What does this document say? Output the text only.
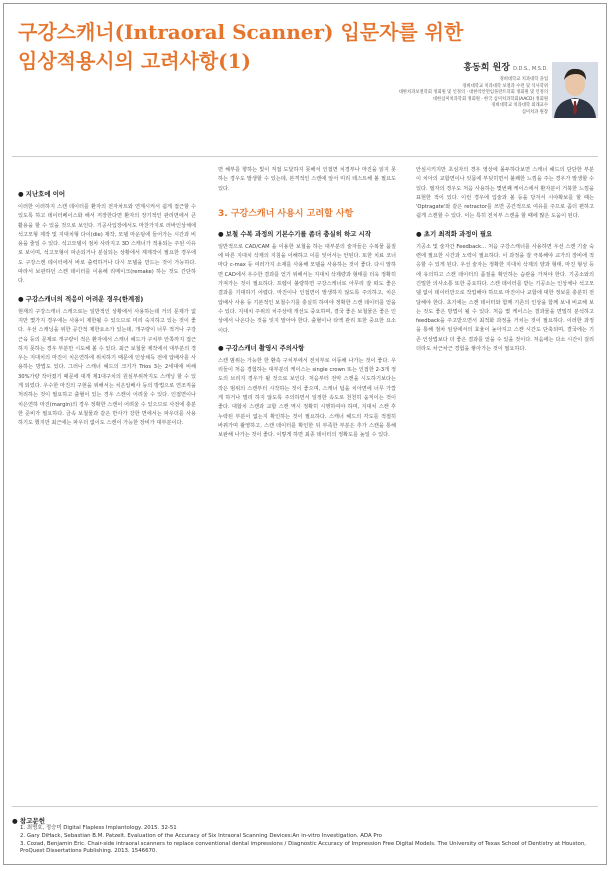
구강스캐너(Intraoral Scanner) 입문자를 위한
임상적용시의 고려사항(1)	홍동희 원장 D.D.S., M.S.D.
경희대학교 치과대학 졸업
경희대학교 치과대학 보철과 수련 및 석사학위
대한치과보철학회 정회원 및 인정의 · 대한악안면임플란트학회 정회원 및 인정의
대한심미치과학회 정회원 · 한국 심미치과학회(AACD) 정회원
경희대학교 치과대학 외래교수
심미치과 원장
● 지난호에 이어

이러한 이러하지 스캔 데이터를 환자의 전자차트와 연계시켜서 쉽게 접근할 수 있도록 하고 데이터베이스화 해서 저장한다면 환자의 장기적인 관리면에서 큰 활용을 할 수 있을 것으로 보인다. 기공사입장에서도 마찬가지로 러바인상체에 석고모형 제작 및 지대치형 다이(die) 제작, 모델 마운팅에 들어가는 시간과 비용을 줄일 수 있다. 석고모델이 점차 사라지고 3D 스캐너가 적용되는 주된 이유로 보이며, 석고모형이 파손되거나 분실되는 상황에서 재제작이 필요한 경우에도 구강스캔 데이터에서 바로 출력하거나 다시 모델을 만드는 것이 가능하다. 따라서 보관하던 스캔 데이터를 이용해 리메이크(remake) 하는 것도 간단하다.

● 구강스캐너의 적응이 어려운 경우(한계점)

현재의 구강스캐너 스캐으로는 일반적인 상황에서 사용하는데 거의 문제가 없지만 몇가지 경우에는 사용이 제한될 수 있으므로 미리 숙지하고 있는 것이 좋다. 우선 스캐닝을 위한 공간적 제한요소가 있는데, 개구량이 너무 적거나 구강근육 등의 문제로 개구량이 적은 환자에서 스캐너 헤드가 구치부 안쪽까지 접근하지 못하는 경우 부분만 시도해 볼 수 있다. 최근 보철물 제작에서 대부분의 경우는 지대치의 마진이 치은연하에 위치하기 때문에 인상채득 전에 압배사를 사용하는 방법도 있다. 그러나 스캐너 헤드의 크기가 Trios 3는 2세대에 비해 30%가량 작아졌기 때문에 대개 제1대구치의 원심부위까지도 스캐닝 할 수 있게 되었다. 우수한 마진의 구현을 위해서는 치은압배사 등의 방법으로 연조직을 처리하는 것이 필요하고 출혈이 있는 경우 스캔이 어려울 수 있다. 인접면이나 치은연하 마진(margin)의 경우 정확한 스캔이 어려울 수 있으므로 사전에 충분한 준비가 필요하다. 금속 보철물과 같은 반사가 강한 면에서는 파우더를 사용하기도 했지만 최근에는 파우더 없이도 스캔이 가능한 장비가 대부분이다.

면 해부를 향하는 빛이 직접 도달하지 못해서 인접면 치경부나 마진을 읽지 못하는 경우도 발생할 수 있는데, 본격적인 스캔에 앞서 미리 테스트해 볼 필요도 있다.

3. 구강스캐너 사용시 고려할 사항
● 보철 수복 과정의 기본수기를 좀더 충실히 하고 시작

일반적으로 CAD/CAM 을 이용한 보철을 하는 대부분의 술자들은 수복물 품질에 따른 지대치 삭제의 지침을 이해하고 이를 잊어서는 안된다. 또한 치료 코너마다 c-max 등 여러가지 소재를 사용해 모델을 사용하는 것이 좋다. 다시 말하면 CAD에서 우수한 결과를 얻기 위해서는 지대치 삭제량과 형태를 더욱 정확히 가져가는 것이 필요하다. 프렙이 불량하면 구강스캐너로 아무리 잘 떠도 좋은 결과를 기대하기 어렵다. 마진이나 인접면이 발생하지 않도록 주의하고, 치은 압배사 사용 등 기본적인 보철수기를 충실히 하여야 정확한 스캔 데이터를 얻을 수 있다. 지대치 주위의 치주상태 개선도 중요하며, 결국 좋은 보철물은 좋은 인상에서 나온다는 것을 잊지 말아야 한다. 출혈이나 타액 관리 또한 중요한 요소이다.

● 구강스캐너 촬영시 주의사항

스캔 범위는 가능한 한 환측 구치부에서 전치부로 이동해 나가는 것이 좋다. 우리들이 처음 경험하는 대부분의 케이스는 single crown 또는 인접한 2-3개 정도의 브리지 경우가 될 것으로 보인다. 처음부터 전악 스캔을 시도하기보다는 작은 범위의 스캔부터 시작하는 것이 좋으며, 스캐너 팁을 치아면에 너무 가깝게 하거나 멀리 하지 않도록 주의하면서 일정한 속도로 천천히 움직이는 것이 좋다. 대합치 스캔과 교합 스캔 역시 정확히 시행하여야 하며, 지대치 스캔 후 누락된 부분이 없는지 확인하는 것이 필요하다. 스캐너 헤드의 각도를 적절히 바꿔가며 촬영하고, 스캔 데이터를 확인한 뒤 부족한 부분은 추가 스캔을 통해 보완해 나가는 것이 좋다. 이렇게 하면 최종 데이터의 정확도를 높일 수 있다.

안심시키지만 초심자의 경우 영상에 몰두하다보면 스캐너 헤드의 단단한 부분이 치아의 교합면이나 잇몸에 부딪히면서 불쾌한 느낌을 주는 경우가 발생할 수 있다. 필자의 경우도 처음 사용하는 몇번째 케이스에서 환자분이 거북한 느낌을 표현한 적이 있다. 이런 경우에 입술과 볼 등을 당겨서 시야확보를 할 때는 'Optragate'와 같은 retractor를 쓰면 공간적으로 여유를 주므로 좀더 편하고 쉽게 스캔할 수 있다. 이는 특히 전치부 스캔을 할 때에 많은 도움이 된다.

● 초기 최적화 과정이 필요

기공소 및 술자간 Feedback… 처음 구강스캐너를 사용하면 우선 스캔 기술 숙련에 필요한 시간과 노력이 필요하다. 이 과정을 잘 극복해야 교가의 장비에 적응할 수 있게 된다. 우선 술자는 정확한 지대치 삭제의 양과 형태, 마진 형성 등에 유의하고 스캔 데이터의 품질을 확인하는 습관을 가져야 한다. 기공소와의 긴밀한 의사소통 또한 중요하다. 스캔 데이터를 받는 기공소는 인상체나 석고모델 없이 데이터만으로 작업해야 하므로 마진이나 교합에 대한 정보를 충분히 전달해야 한다. 초기에는 스캔 데이터와 함께 기존의 인상을 함께 보내 비교해 보는 것도 좋은 방법이 될 수 있다. 처음 몇 케이스는 결과물을 면밀히 분석하고 feedback을 주고받으면서 최적화 과정을 거치는 것이 필요하다. 이러한 과정을 통해 점차 임상에서의 효율이 높아지고 스캔 시간도 단축되며, 결국에는 기존 인상법보다 더 좋은 결과를 얻을 수 있을 것이다. 처음에는 다소 시간이 걸리더라도 차근차근 경험을 쌓아가는 것이 필요하다.

● 참고문헌
1. 최명호, 정승미 Digital Flapless Implantology. 2015. 32-51
2. Gary DiHack, Sebastian B.M. Patzelt. Evaluation of the Accuracy of Six Intraoral Scanning Devices:An in-vitro Investigation. ADA Pro
3. Cozad, Benjamin Eric. Chair-side intraoral scanners to replace conventional dental impressions / Diagnostic Accuracy of Impression Free Digital Models. The University of Texas School of Dentistry at Houston, ProQuest Dissertations Publishing. 2013. 1546670.
